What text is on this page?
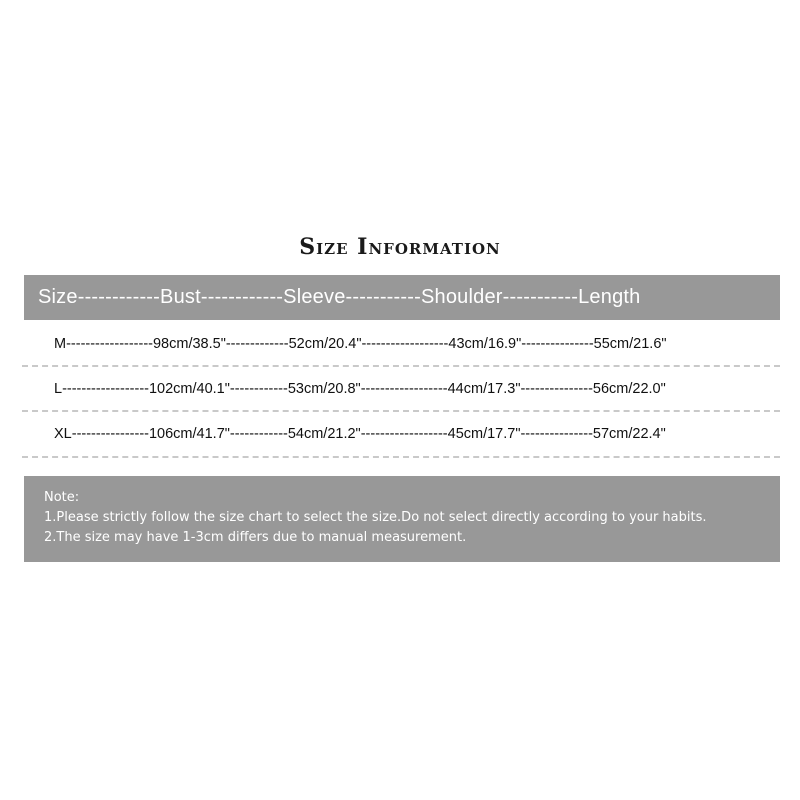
Size Information
Size------------Bust------------Sleeve-----------Shoulder-----------Length
M------------------98cm/38.5"-------------52cm/20.4"------------------43cm/16.9"---------------55cm/21.6"
L------------------102cm/40.1"------------53cm/20.8"------------------44cm/17.3"---------------56cm/22.0"
XL----------------106cm/41.7"------------54cm/21.2"------------------45cm/17.7"---------------57cm/22.4"
Note:
1.Please strictly follow the size chart to select the size.Do not select directly according to your habits.
2.The size may have 1-3cm differs due to manual measurement.
